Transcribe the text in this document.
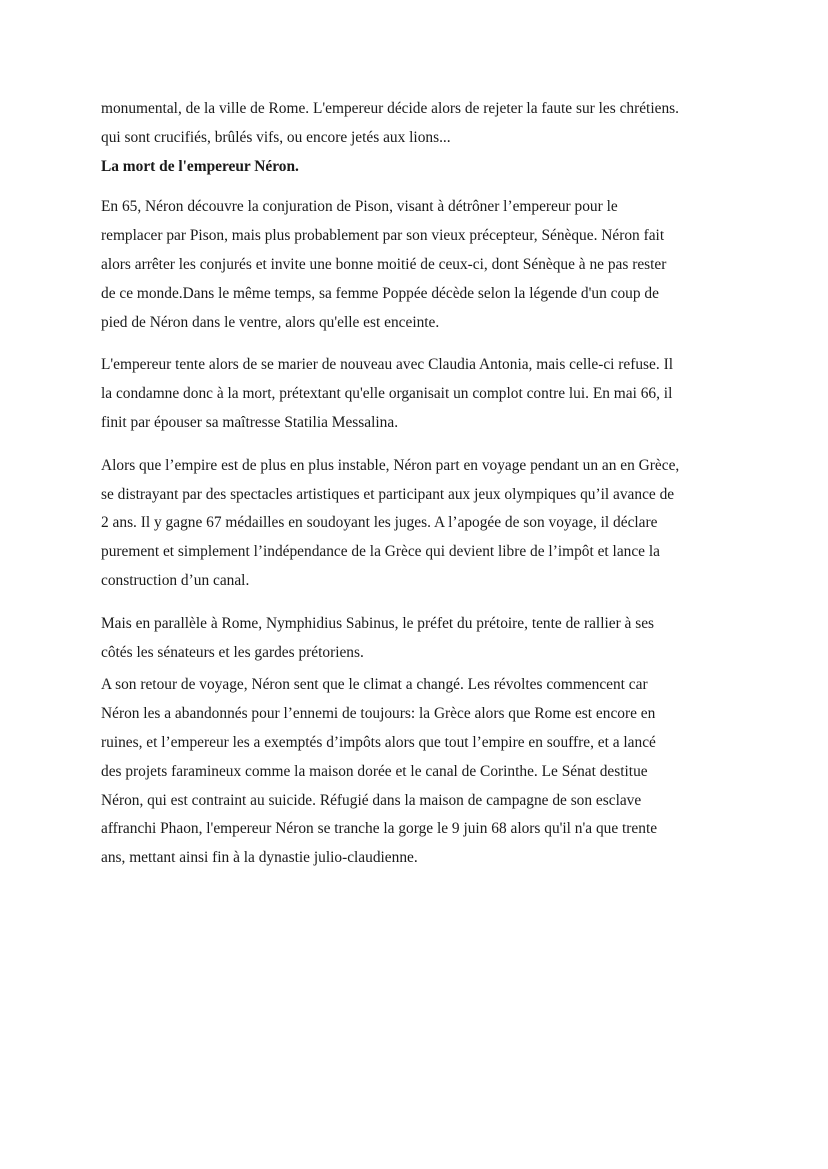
monumental, de la ville de Rome. L'empereur décide alors de rejeter la faute sur les chrétiens.
qui sont crucifiés, brûlés vifs, ou encore jetés aux lions...

La mort de l'empereur Néron.

En 65, Néron découvre la conjuration de Pison, visant à détrôner l’empereur pour le
remplacer par Pison, mais plus probablement par son vieux précepteur, Sénèque. Néron fait
alors arrêter les conjurés et invite une bonne moitié de ceux-ci, dont Sénèque à ne pas rester
de ce monde.Dans le même temps, sa femme Poppée décède selon la légende d'un coup de
pied de Néron dans le ventre, alors qu'elle est enceinte.

L'empereur tente alors de se marier de nouveau avec Claudia Antonia, mais celle-ci refuse. Il
la condamne donc à la mort, prétextant qu'elle organisait un complot contre lui. En mai 66, il
finit par épouser sa maîtresse Statilia Messalina.

Alors que l’empire est de plus en plus instable, Néron part en voyage pendant un an en Grèce,
se distrayant par des spectacles artistiques et participant aux jeux olympiques qu’il avance de
2 ans. Il y gagne 67 médailles en soudoyant les juges. A l’apogée de son voyage, il déclare
purement et simplement l’indépendance de la Grèce qui devient libre de l’impôt et lance la
construction d’un canal.

Mais en parallèle à Rome, Nymphidius Sabinus, le préfet du prétoire, tente de rallier à ses
côtés les sénateurs et les gardes prétoriens.

A son retour de voyage, Néron sent que le climat a changé. Les révoltes commencent car
Néron les a abandonnés pour l’ennemi de toujours: la Grèce alors que Rome est encore en
ruines, et l’empereur les a exemptés d’impôts alors que tout l’empire en souffre, et a lancé
des projets faramineux comme la maison dorée et le canal de Corinthe. Le Sénat destitue
Néron, qui est contraint au suicide. Réfugié dans la maison de campagne de son esclave
affranchi Phaon, l'empereur Néron se tranche la gorge le 9 juin 68 alors qu'il n'a que trente
ans, mettant ainsi fin à la dynastie julio-claudienne.
